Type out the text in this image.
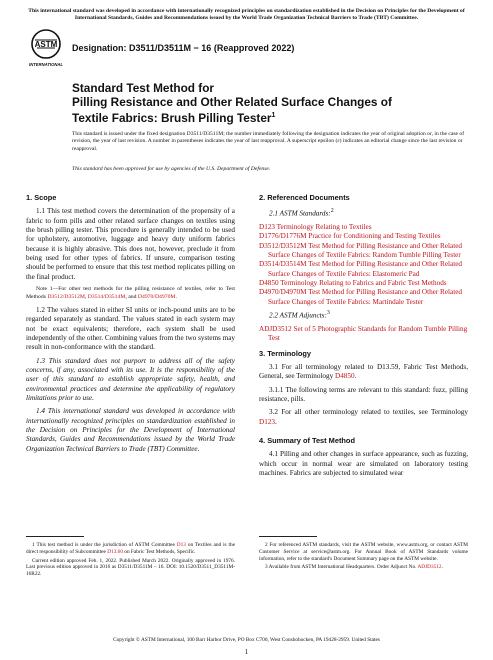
This international standard was developed in accordance with internationally recognized principles on standardization established in the Decision on Principles for the Development of International Standards, Guides and Recommendations issued by the World Trade Organization Technical Barriers to Trade (TBT) Committee.
ASTM
INTERNATIONAL
Designation: D3511/D3511M − 16 (Reapproved 2022)
Standard Test Method for
Pilling Resistance and Other Related Surface Changes of
Textile Fabrics: Brush Pilling Tester$^1$
This standard is issued under the fixed designation D3511/D3511M; the number immediately following the designation indicates the year of original adoption or, in the case of revision, the year of last revision. A number in parentheses indicates the year of last reapproval. A superscript epsilon (ε) indicates an editorial change since the last revision or reapproval.
This standard has been approved for use by agencies of the U.S. Department of Defense.
1. Scope

1.1 This test method covers the determination of the propensity of a fabric to form pills and other related surface changes on textiles using the brush pilling tester. This procedure is generally intended to be used for upholstery, automotive, luggage and heavy duty uniform fabrics because it is highly abrasive. This does not, however, preclude it from being used for other types of fabrics. If unsure, comparison testing should be performed to ensure that this test method replicates pilling on the final product.

Note 1—For other test methods for the pilling resistance of textiles, refer to Test Methods D3512/D3512M, D3514/D3514M, and D4970/D4970M.

1.2 The values stated in either SI units or inch-pound units are to be regarded separately as standard. The values stated in each system may not be exact equivalents; therefore, each system shall be used independently of the other. Combining values from the two systems may result in non-conformance with the standard.

1.3 This standard does not purport to address all of the safety concerns, if any, associated with its use. It is the responsibility of the user of this standard to establish appropriate safety, health, and environmental practices and determine the applicability of regulatory limitations prior to use.

1.4 This international standard was developed in accordance with internationally recognized principles on standardization established in the Decision on Principles for the Development of International Standards, Guides and Recommendations issued by the World Trade Organization Technical Barriers to Trade (TBT) Committee.

2. Referenced Documents

2.1 ASTM Standards:$^2$

D123 Terminology Relating to Textiles

D1776/D1776M Practice for Conditioning and Testing Textiles

D3512/D3512M Test Method for Pilling Resistance and Other Related Surface Changes of Textile Fabrics: Random Tumble Pilling Tester

D3514/D3514M Test Method for Pilling Resistance and Other Related Surface Changes of Textile Fabrics: Elastomeric Pad

D4850 Terminology Relating to Fabrics and Fabric Test Methods

D4970/D4970M Test Method for Pilling Resistance and Other Related Surface Changes of Textile Fabrics: Martindale Tester

2.2 ASTM Adjuncts:$^3$

ADJD3512 Set of 5 Photographic Standards for Random Tumble Pilling Test

3. Terminology

3.1 For all terminology related to D13.59, Fabric Test Methods, General, see Terminology D4850.

3.1.1 The following terms are relevant to this standard: fuzz, pilling resistance, pills.

3.2 For all other terminology related to textiles, see Terminology D123.

4. Summary of Test Method

4.1 Pilling and other changes in surface appearance, such as fuzzing, which occur in normal wear are simulated on laboratory testing machines. Fabrics are subjected to simulated wear

1 This test method is under the jurisdiction of ASTM Committee D13 on Textiles and is the direct responsibility of Subcommittee D13.60 on Fabric Test Methods, Specific.

Current edition approved Feb. 1, 2022. Published March 2022. Originally approved in 1976. Last previous edition approved in 2016 as D3511/D3511M – 16. DOI: 10.1520/D3511_D3511M-16R22.

2 For referenced ASTM standards, visit the ASTM website, www.astm.org, or contact ASTM Customer Service at service@astm.org. For Annual Book of ASTM Standards volume information, refer to the standard's Document Summary page on the ASTM website.

3 Available from ASTM International Headquarters. Order Adjunct No. ADJD3512.

Copyright © ASTM International, 100 Barr Harbor Drive, PO Box C700, West Conshohocken, PA 19428-2959. United States
1
